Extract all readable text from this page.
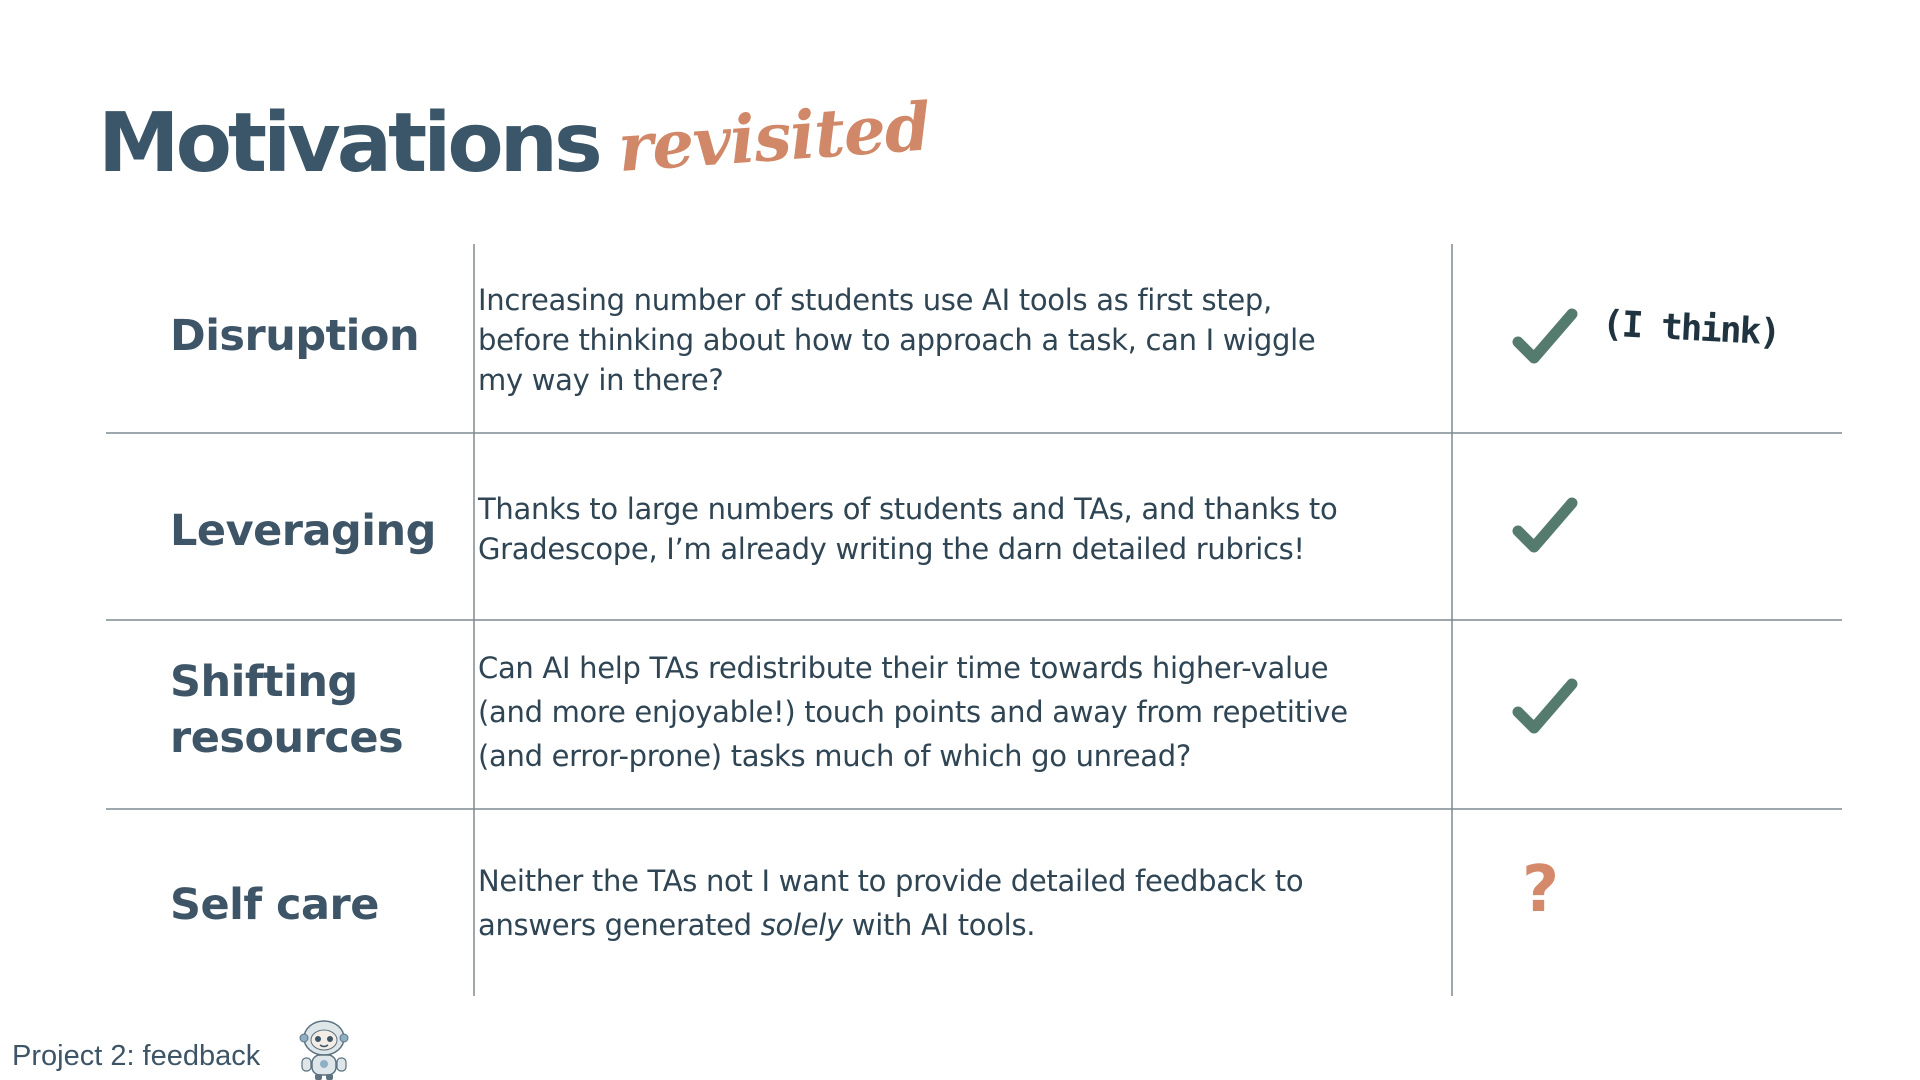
Motivations revisited
Disruption
Increasing number of students use AI tools as first step,
before thinking about how to approach a task, can I wiggle
my way in there?
(I think)
Leveraging Thanks to large numbers of students and TAs, and thanks to
Gradescope, I’m already writing the darn detailed rubrics!
Shifting
resources
Can AI help TAs redistribute their time towards higher-value
(and more enjoyable!) touch points and away from repetitive
(and error-prone) tasks much of which go unread?
Self care	Neither the TAs not I want to provide detailed feedback to
answers generated solely with AI tools.	?
Project 2: feedback
